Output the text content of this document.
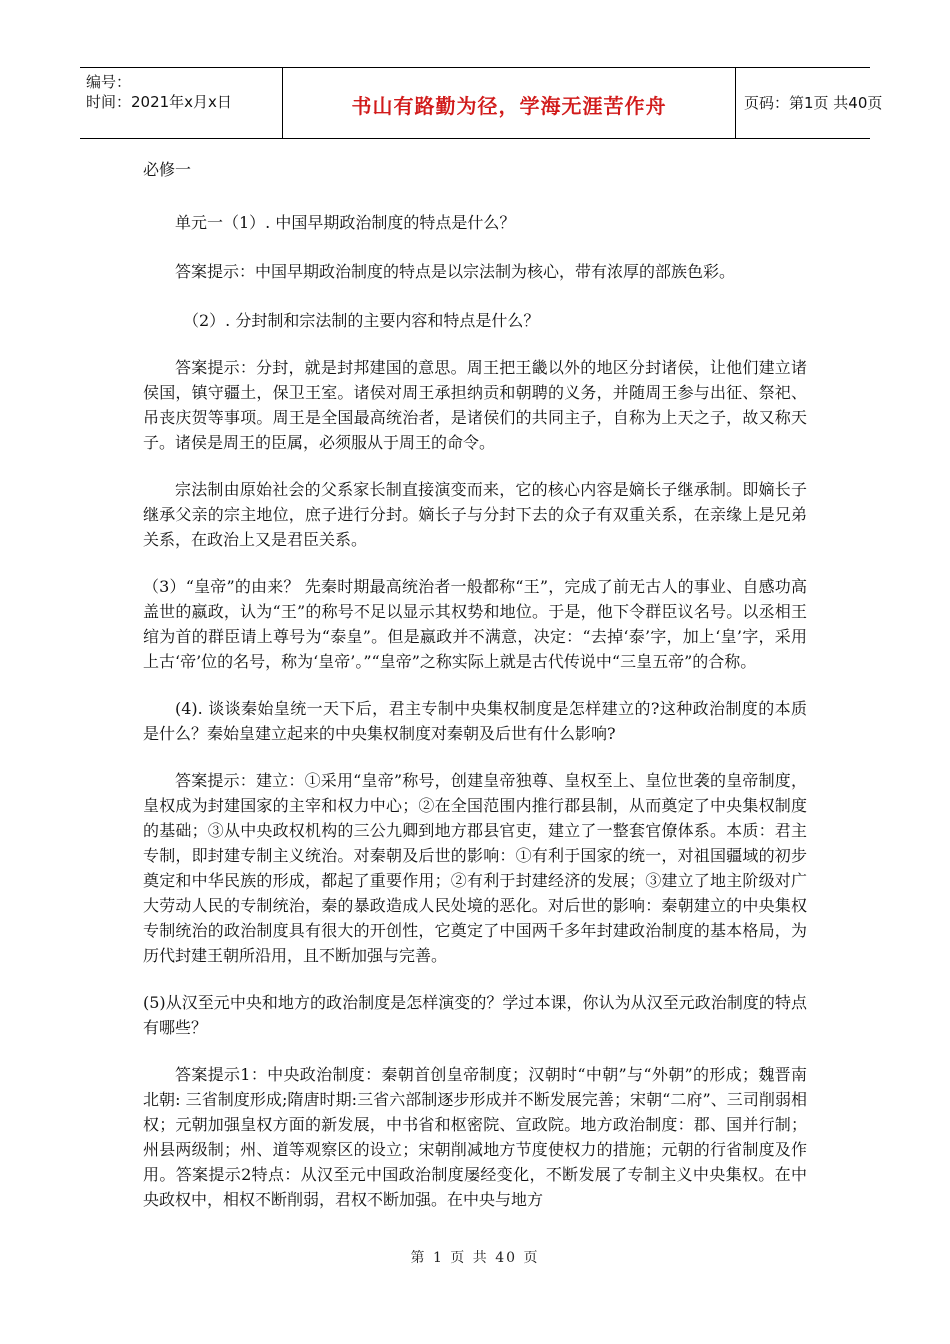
编号：
时间：2021年x月x日	书山有路勤为径，学海无涯苦作舟	页码：第1页 共40页

必修一

单元一（1）. 中国早期政治制度的特点是什么？

答案提示：中国早期政治制度的特点是以宗法制为核心，带有浓厚的部族色彩。

（2）. 分封制和宗法制的主要内容和特点是什么？

答案提示：分封，就是封邦建国的意思。周王把王畿以外的地区分封诸侯，让他们建立诸侯国，镇守疆土，保卫王室。诸侯对周王承担纳贡和朝聘的义务，并随周王参与出征、祭祀、吊丧庆贺等事项。周王是全国最高统治者，是诸侯们的共同主子，自称为上天之子，故又称天子。诸侯是周王的臣属，必须服从于周王的命令。

宗法制由原始社会的父系家长制直接演变而来，它的核心内容是嫡长子继承制。即嫡长子继承父亲的宗主地位，庶子进行分封。嫡长子与分封下去的众子有双重关系，在亲缘上是兄弟关系，在政治上又是君臣关系。

（3）“皇帝”的由来？ 先秦时期最高统治者一般都称“王”，完成了前无古人的事业、自感功高盖世的嬴政，认为“王”的称号不足以显示其权势和地位。于是，他下令群臣议名号。以丞相王绾为首的群臣请上尊号为“泰皇”。但是嬴政并不满意，决定：“去掉‘泰’字，加上‘皇’字，采用上古‘帝’位的名号，称为‘皇帝’。”“皇帝”之称实际上就是古代传说中“三皇五帝”的合称。

(4). 谈谈秦始皇统一天下后，君主专制中央集权制度是怎样建立的?这种政治制度的本质是什么？秦始皇建立起来的中央集权制度对秦朝及后世有什么影响?

答案提示：建立：①采用“皇帝”称号，创建皇帝独尊、皇权至上、皇位世袭的皇帝制度，皇权成为封建国家的主宰和权力中心；②在全国范围内推行郡县制，从而奠定了中央集权制度的基础；③从中央政权机构的三公九卿到地方郡县官吏，建立了一整套官僚体系。本质：君主专制，即封建专制主义统治。对秦朝及后世的影响：①有利于国家的统一，对祖国疆域的初步奠定和中华民族的形成，都起了重要作用；②有利于封建经济的发展；③建立了地主阶级对广大劳动人民的专制统治，秦的暴政造成人民处境的恶化。对后世的影响：秦朝建立的中央集权专制统治的政治制度具有很大的开创性，它奠定了中国两千多年封建政治制度的基本格局，为历代封建王朝所沿用，且不断加强与完善。

(5)从汉至元中央和地方的政治制度是怎样演变的？学过本课，你认为从汉至元政治制度的特点有哪些？

答案提示1：中央政治制度：秦朝首创皇帝制度；汉朝时“中朝”与“外朝”的形成；魏晋南北朝: 三省制度形成;隋唐时期:三省六部制逐步形成并不断发展完善；宋朝“二府”、三司削弱相权；元朝加强皇权方面的新发展，中书省和枢密院、宣政院。地方政治制度：郡、国并行制；州县两级制；州、道等观察区的设立；宋朝削减地方节度使权力的措施；元朝的行省制度及作用。答案提示2特点：从汉至元中国政治制度屡经变化，不断发展了专制主义中央集权。在中央政权中，相权不断削弱，君权不断加强。在中央与地方

第 1 页 共 40 页
